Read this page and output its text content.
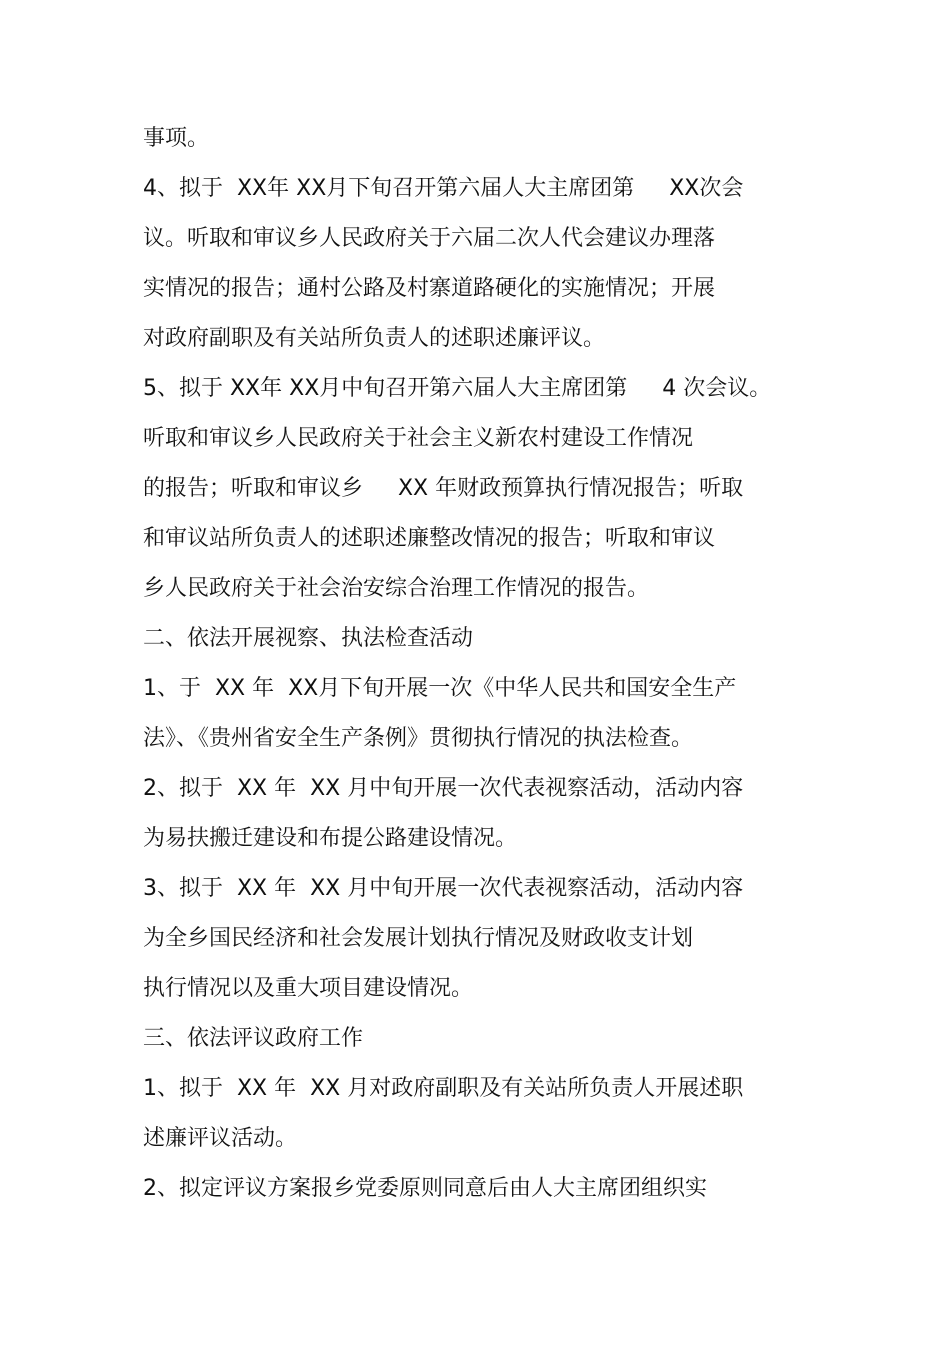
事项。
4、拟于  XX年 XX月下旬召开第六届人大主席团第     XX次会
议。听取和审议乡人民政府关于六届二次人代会建议办理落
实情况的报告；通村公路及村寨道路硬化的实施情况；开展
对政府副职及有关站所负责人的述职述廉评议。
5、拟于 XX年 XX月中旬召开第六届人大主席团第     4 次会议。
听取和审议乡人民政府关于社会主义新农村建设工作情况
的报告；听取和审议乡     XX 年财政预算执行情况报告；听取
和审议站所负责人的述职述廉整改情况的报告；听取和审议
乡人民政府关于社会治安综合治理工作情况的报告。
二、依法开展视察、执法检查活动
1、于  XX 年  XX月下旬开展一次《中华人民共和国安全生产
法》、《贵州省安全生产条例》贯彻执行情况的执法检查。
2、拟于  XX 年  XX 月中旬开展一次代表视察活动，活动内容
为易扶搬迁建设和布提公路建设情况。
3、拟于  XX 年  XX 月中旬开展一次代表视察活动，活动内容
为全乡国民经济和社会发展计划执行情况及财政收支计划
执行情况以及重大项目建设情况。
三、依法评议政府工作
1、拟于  XX 年  XX 月对政府副职及有关站所负责人开展述职
述廉评议活动。
2、拟定评议方案报乡党委原则同意后由人大主席团组织实
